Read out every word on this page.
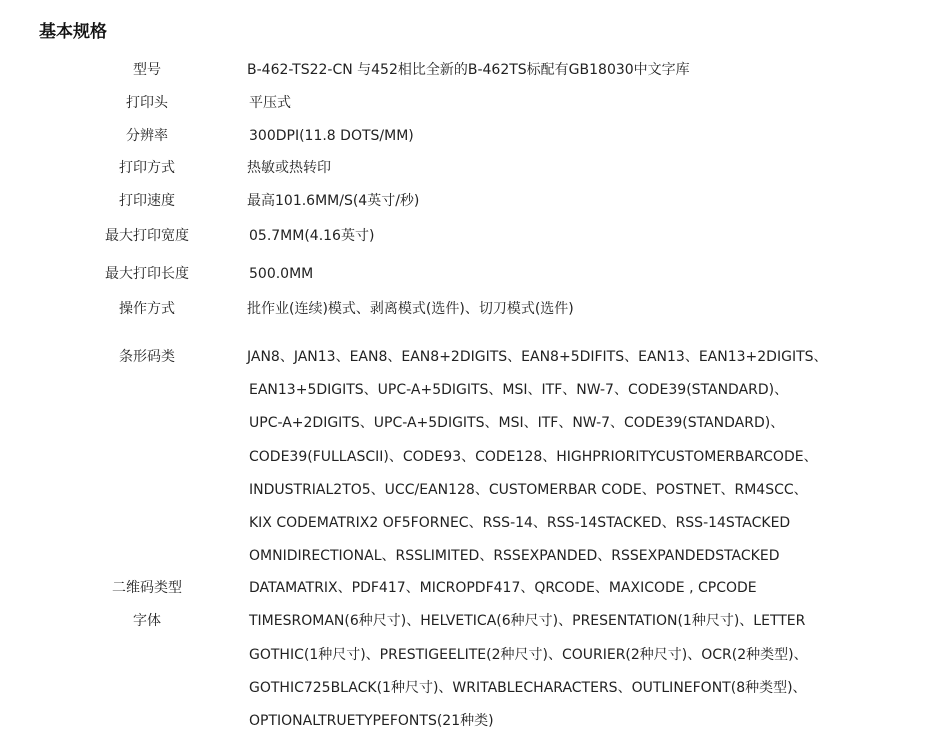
基本规格
型号	B-462-TS22-CN 与452相比全新的B-462TS标配有GB18030中文字库
打印头	平压式
分辨率	300DPI(11.8 DOTS/MM)
打印方式	热敏或热转印
打印速度	最高101.6MM/S(4英寸/秒)
最大打印宽度	05.7MM(4.16英寸)
最大打印长度	500.0MM
操作方式	批作业(连续)模式、剥离模式(选件)、切刀模式(选件)
条形码类	JAN8、JAN13、EAN8、EAN8+2DIGITS、EAN8+5DIFITS、EAN13、EAN13+2DIGITS、
EAN13+5DIGITS、UPC-A+5DIGITS、MSI、ITF、NW-7、CODE39(STANDARD)、
UPC-A+2DIGITS、UPC-A+5DIGITS、MSI、ITF、NW-7、CODE39(STANDARD)、
CODE39(FULLASCII)、CODE93、CODE128、HIGHPRIORITYCUSTOMERBARCODE、
INDUSTRIAL2TO5、UCC/EAN128、CUSTOMERBAR CODE、POSTNET、RM4SCC、
KIX CODEMATRIX2 OF5FORNEC、RSS-14、RSS-14STACKED、RSS-14STACKED
OMNIDIRECTIONAL、RSSLIMITED、RSSEXPANDED、RSSEXPANDEDSTACKED
二维码类型	DATAMATRIX、PDF417、MICROPDF417、QRCODE、MAXICODE , CPCODE
字体	TIMESROMAN(6种尺寸)、HELVETICA(6种尺寸)、PRESENTATION(1种尺寸)、LETTER
GOTHIC(1种尺寸)、PRESTIGEELITE(2种尺寸)、COURIER(2种尺寸)、OCR(2种类型)、
GOTHIC725BLACK(1种尺寸)、WRITABLECHARACTERS、OUTLINEFONT(8种类型)、
OPTIONALTRUETYPEFONTS(21种类)
